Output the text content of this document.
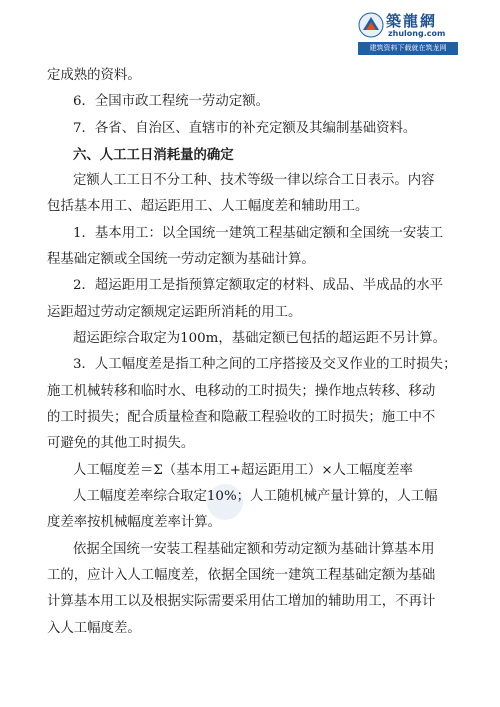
築龍網
zhulong.com
建筑资料下载就在筑龙网
定成熟的资料。
6．全国市政工程统一劳动定额。
7．各省、自治区、直辖市的补充定额及其编制基础资料。
六、人工工日消耗量的确定
定额人工工日不分工种、技术等级一律以综合工日表示。内容
包括基本用工、超运距用工、人工幅度差和辅助用工。
1．基本用工：以全国统一建筑工程基础定额和全国统一安装工
程基础定额或全国统一劳动定额为基础计算。
2．超运距用工是指预算定额取定的材料、成品、半成品的水平
运距超过劳动定额规定运距所消耗的用工。
超运距综合取定为100m，基础定额已包括的超运距不另计算。
3．人工幅度差是指工种之间的工序搭接及交叉作业的工时损失；
施工机械转移和临时水、电移动的工时损失；操作地点转移、移动
的工时损失；配合质量检查和隐蔽工程验收的工时损失；施工中不
可避免的其他工时损失。
人工幅度差＝Σ（基本用工+超运距用工）×人工幅度差率
人工幅度差率综合取定10%；人工随机械产量计算的，人工幅
度差率按机械幅度差率计算。
依据全国统一安装工程基础定额和劳动定额为基础计算基本用
工的，应计入人工幅度差，依据全国统一建筑工程基础定额为基础
计算基本用工以及根据实际需要采用估工增加的辅助用工，不再计
入人工幅度差。
